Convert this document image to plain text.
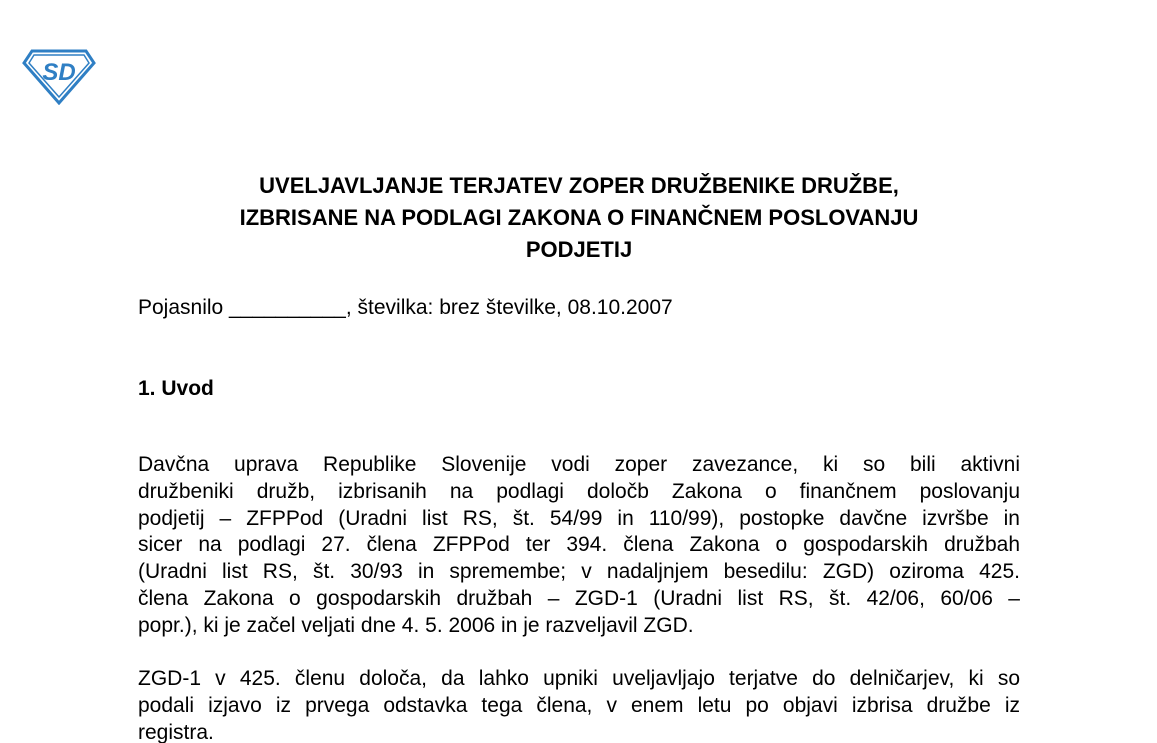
SD
UVELJAVLJANJE TERJATEV ZOPER DRUŽBENIKE DRUŽBE,
IZBRISANE NA PODLAGI ZAKONA O FINANČNEM POSLOVANJU
PODJETIJ

Pojasnilo __________, številka: brez številke, 08.10.2007

1. Uvod

Davčna uprava Republike Slovenije vodi zoper zavezance, ki so bili aktivni
družbeniki družb, izbrisanih na podlagi določb Zakona o finančnem poslovanju
podjetij – ZFPPod (Uradni list RS, št. 54/99 in 110/99), postopke davčne izvršbe in
sicer na podlagi 27. člena ZFPPod ter 394. člena Zakona o gospodarskih družbah
(Uradni list RS, št. 30/93 in spremembe; v nadaljnjem besedilu: ZGD) oziroma 425.
člena Zakona o gospodarskih družbah – ZGD-1 (Uradni list RS, št. 42/06, 60/06 –
popr.), ki je začel veljati dne 4. 5. 2006 in je razveljavil ZGD.

ZGD-1 v 425. členu določa, da lahko upniki uveljavljajo terjatve do delničarjev, ki so
podali izjavo iz prvega odstavka tega člena, v enem letu po objavi izbrisa družbe iz
registra.
